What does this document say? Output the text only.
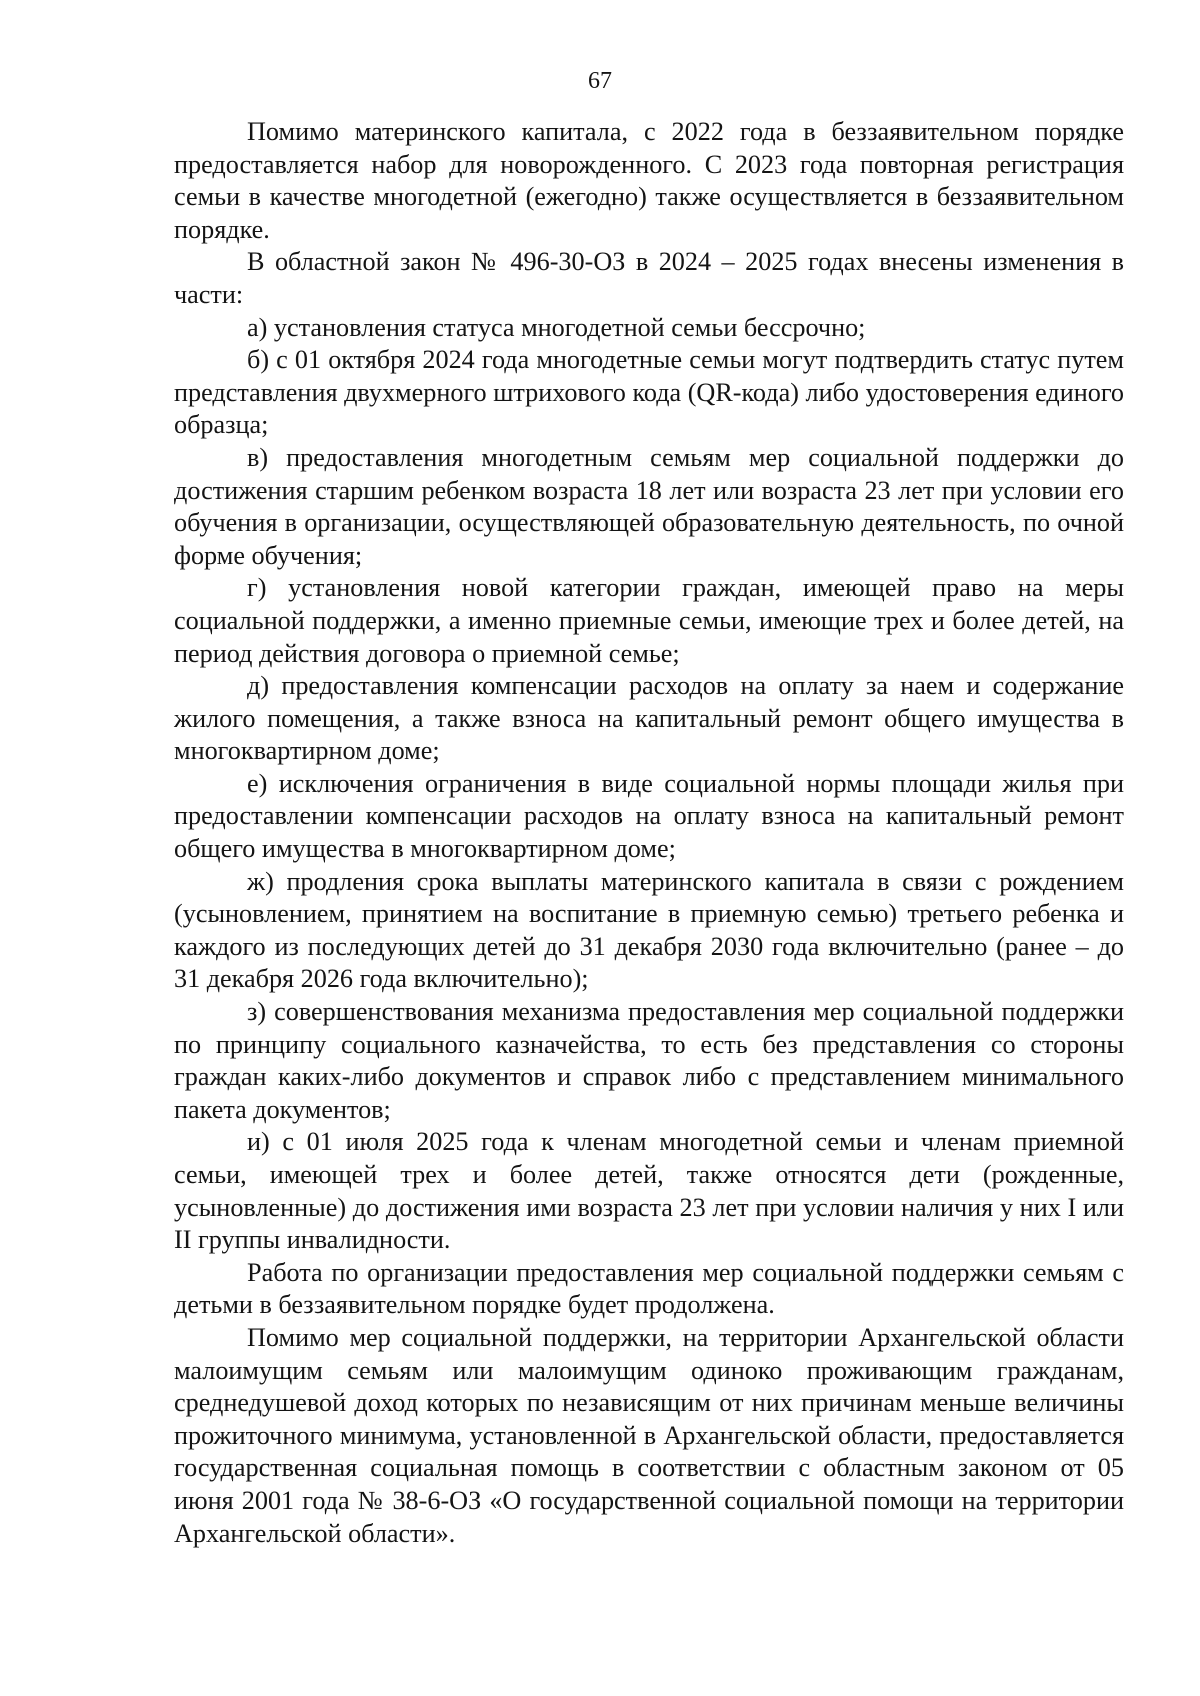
67

Помимо материнского капитала, с 2022 года в беззаявительном порядке предоставляется набор для новорожденного. С 2023 года повторная регистрация семьи в качестве многодетной (ежегодно) также осуществляется в беззаявительном порядке.

В областной закон № 496-30-ОЗ в 2024 – 2025 годах внесены изменения в части:

а) установления статуса многодетной семьи бессрочно;

б) с 01 октября 2024 года многодетные семьи могут подтвердить статус путем представления двухмерного штрихового кода (QR-кода) либо удостоверения единого образца;

в) предоставления многодетным семьям мер социальной поддержки до достижения старшим ребенком возраста 18 лет или возраста 23 лет при условии его обучения в организации, осуществляющей образовательную деятельность, по очной форме обучения;

г) установления новой категории граждан, имеющей право на меры социальной поддержки, а именно приемные семьи, имеющие трех и более детей, на период действия договора о приемной семье;

д) предоставления компенсации расходов на оплату за наем и содержание жилого помещения, а также взноса на капитальный ремонт общего имущества в многоквартирном доме;

е) исключения ограничения в виде социальной нормы площади жилья при предоставлении компенсации расходов на оплату взноса на капитальный ремонт общего имущества в многоквартирном доме;

ж) продления срока выплаты материнского капитала в связи с рождением (усыновлением, принятием на воспитание в приемную семью) третьего ребенка и каждого из последующих детей до 31 декабря 2030 года включительно (ранее – до 31 декабря 2026 года включительно);

з) совершенствования механизма предоставления мер социальной поддержки по принципу социального казначейства, то есть без представления со стороны граждан каких-либо документов и справок либо с представлением минимального пакета документов;

и) с 01 июля 2025 года к членам многодетной семьи и членам приемной семьи, имеющей трех и более детей, также относятся дети (рожденные, усыновленные) до достижения ими возраста 23 лет при условии наличия у них I или II группы инвалидности.

Работа по организации предоставления мер социальной поддержки семьям с детьми в беззаявительном порядке будет продолжена.

Помимо мер социальной поддержки, на территории Архангельской области малоимущим семьям или малоимущим одиноко проживающим гражданам, среднедушевой доход которых по независящим от них причинам меньше величины прожиточного минимума, установленной в Архангельской области, предоставляется государственная социальная помощь в соответствии с областным законом от 05 июня 2001 года № 38-6-ОЗ «О государственной социальной помощи на территории Архангельской области».
